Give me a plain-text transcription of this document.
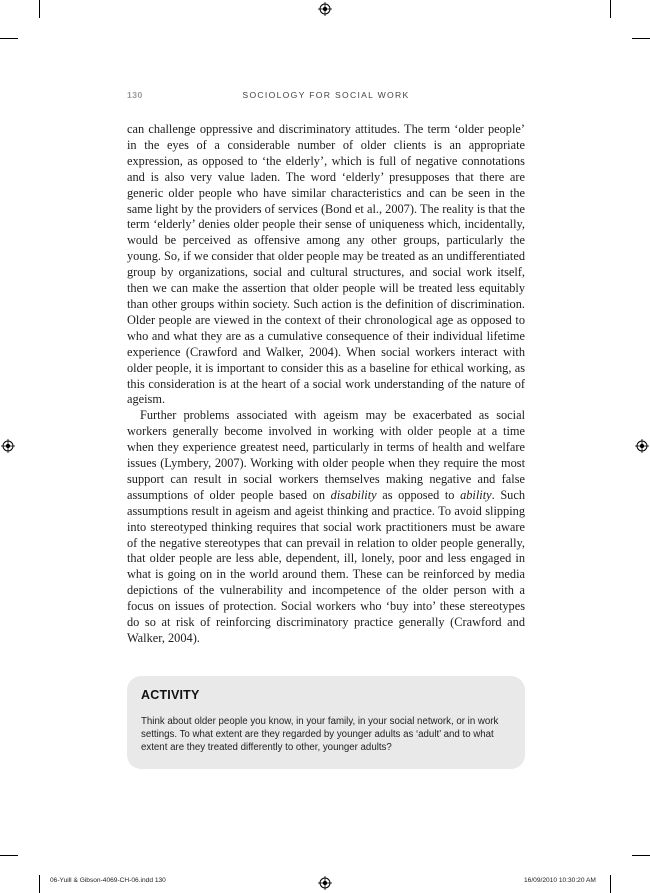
130	SOCIOLOGY FOR SOCIAL WORK

can challenge oppressive and discriminatory attitudes. The term ‘older people’ in the eyes of a considerable number of older clients is an appropriate expression, as opposed to ‘the elderly’, which is full of negative connotations and is also very value laden. The word ‘elderly’ presupposes that there are generic older people who have similar characteristics and can be seen in the same light by the providers of services (Bond et al., 2007). The reality is that the term ‘elderly’ denies older people their sense of uniqueness which, incidentally, would be perceived as offensive among any other groups, particularly the young. So, if we consider that older people may be treated as an undifferentiated group by organizations, social and cultural structures, and social work itself, then we can make the assertion that older people will be treated less equitably than other groups within society. Such action is the definition of discrimination. Older people are viewed in the context of their chronological age as opposed to who and what they are as a cumulative consequence of their individual lifetime experience (Crawford and Walker, 2004). When social workers interact with older people, it is important to consider this as a baseline for ethical working, as this consideration is at the heart of a social work understanding of the nature of ageism.

Further problems associated with ageism may be exacerbated as social workers generally become involved in working with older people at a time when they experience greatest need, particularly in terms of health and welfare issues (Lymbery, 2007). Working with older people when they require the most support can result in social workers themselves making negative and false assumptions of older people based on disability as opposed to ability. Such assumptions result in ageism and ageist thinking and practice. To avoid slipping into stereotyped thinking requires that social work practitioners must be aware of the negative stereotypes that can prevail in relation to older people generally, that older people are less able, dependent, ill, lonely, poor and less engaged in what is going on in the world around them. These can be reinforced by media depictions of the vulnerability and incompetence of the older person with a focus on issues of protection. Social workers who ‘buy into’ these stereotypes do so at risk of reinforcing discriminatory practice generally (Crawford and Walker, 2004).

ACTIVITY
Think about older people you know, in your family, in your social network, or in work settings. To what extent are they regarded by younger adults as ‘adult’ and to what extent are they treated differently to other, younger adults?
06-Yuill & Gibson-4069-CH-06.indd 130	16/09/2010 10:30:20 AM
